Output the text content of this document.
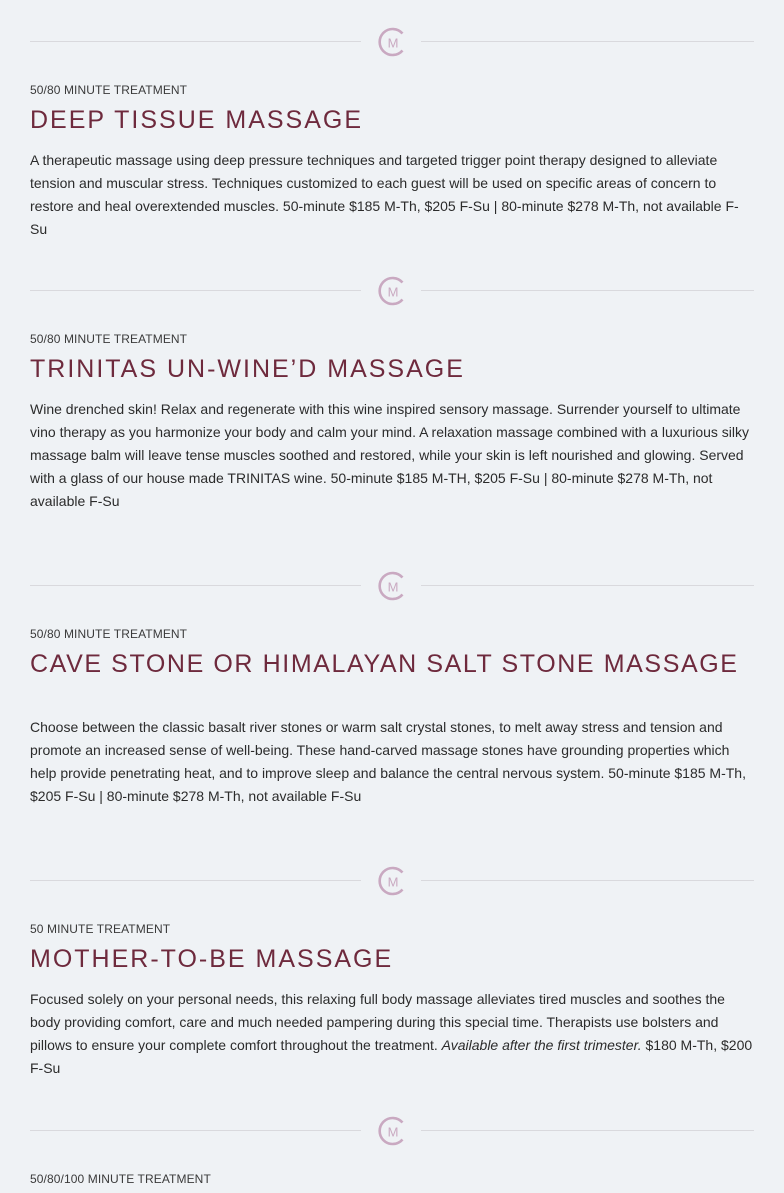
M
50/80 MINUTE TREATMENT
DEEP TISSUE MASSAGE

A therapeutic massage using deep pressure techniques and targeted trigger point therapy designed to alleviate tension and muscular stress. Techniques customized to each guest will be used on specific areas of concern to restore and heal overextended muscles. 50-minute $185 M-Th, $205 F-Su | 80-minute $278 M-Th, not available F-Su

M
50/80 MINUTE TREATMENT
TRINITAS UN-WINE’D MASSAGE

Wine drenched skin! Relax and regenerate with this wine inspired sensory massage. Surrender yourself to ultimate vino therapy as you harmonize your body and calm your mind. A relaxation massage combined with a luxurious silky massage balm will leave tense muscles soothed and restored, while your skin is left nourished and glowing. Served with a glass of our house made TRINITAS wine. 50-minute $185 M-TH, $205 F-Su | 80-minute $278 M-Th, not available F-Su

M
50/80 MINUTE TREATMENT
CAVE STONE OR HIMALAYAN SALT STONE MASSAGE

Choose between the classic basalt river stones or warm salt crystal stones, to melt away stress and tension and promote an increased sense of well-being. These hand-carved massage stones have grounding properties which help provide penetrating heat, and to improve sleep and balance the central nervous system. 50-minute $185 M-Th, $205 F-Su | 80-minute $278 M-Th, not available F-Su

M
50 MINUTE TREATMENT
MOTHER-TO-BE MASSAGE

Focused solely on your personal needs, this relaxing full body massage alleviates tired muscles and soothes the body providing comfort, care and much needed pampering during this special time. Therapists use bolsters and pillows to ensure your complete comfort throughout the treatment. Available after the first trimester. $180 M-Th, $200 F-Su

M
50/80/100 MINUTE TREATMENT
